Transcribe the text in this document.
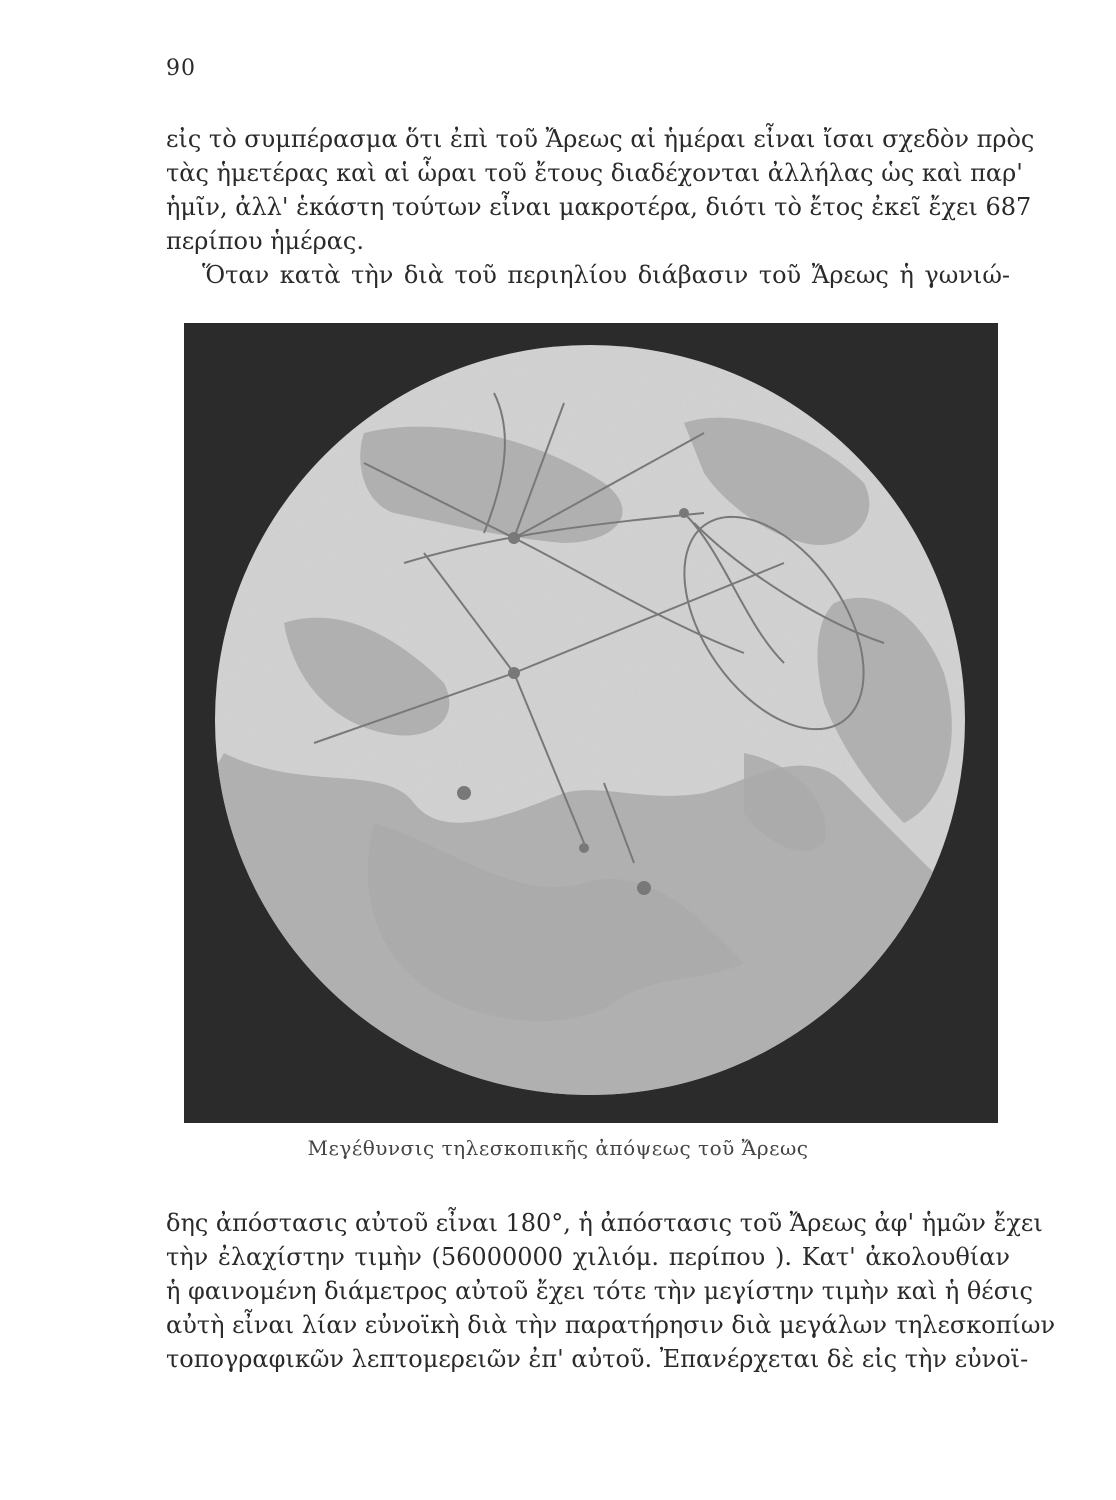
90
εἰς τὸ συμπέρασμα ὅτι ἐπὶ τοῦ Ἄρεως αἱ ἡμέραι εἶναι ἴσαι σχεδὸν πρὸς
τὰς ἡμετέρας καὶ αἱ ὧραι τοῦ ἔτους διαδέχονται ἀλλήλας ὡς καὶ παρ'
ἡμῖν, ἀλλ' ἑκάστη τούτων εἶναι μακροτέρα, διότι τὸ ἔτος ἐκεῖ ἔχει 687
περίπου ἡμέρας.
Ὅταν κατὰ τὴν διὰ τοῦ περιηλίου διάβασιν τοῦ Ἄρεως ἡ γωνιώ-
Μεγέθυνσις τηλεσκοπικῆς ἀπόψεως τοῦ Ἄρεως
δης ἀπόστασις αὐτοῦ εἶναι 180°, ἡ ἀπόστασις τοῦ Ἄρεως ἀφ' ἡμῶν ἔχει
τὴν ἐλαχίστην τιμὴν (56000000 χιλιόμ. περίπου ). Κατ' ἀκολουθίαν
ἡ φαινομένη διάμετρος αὐτοῦ ἔχει τότε τὴν μεγίστην τιμὴν καὶ ἡ θέσις
αὐτὴ εἶναι λίαν εὐνοϊκὴ διὰ τὴν παρατήρησιν διὰ μεγάλων τηλεσκοπίων
τοπογραφικῶν λεπτομερειῶν ἐπ' αὐτοῦ. Ἐπανέρχεται δὲ εἰς τὴν εὐνοϊ-
